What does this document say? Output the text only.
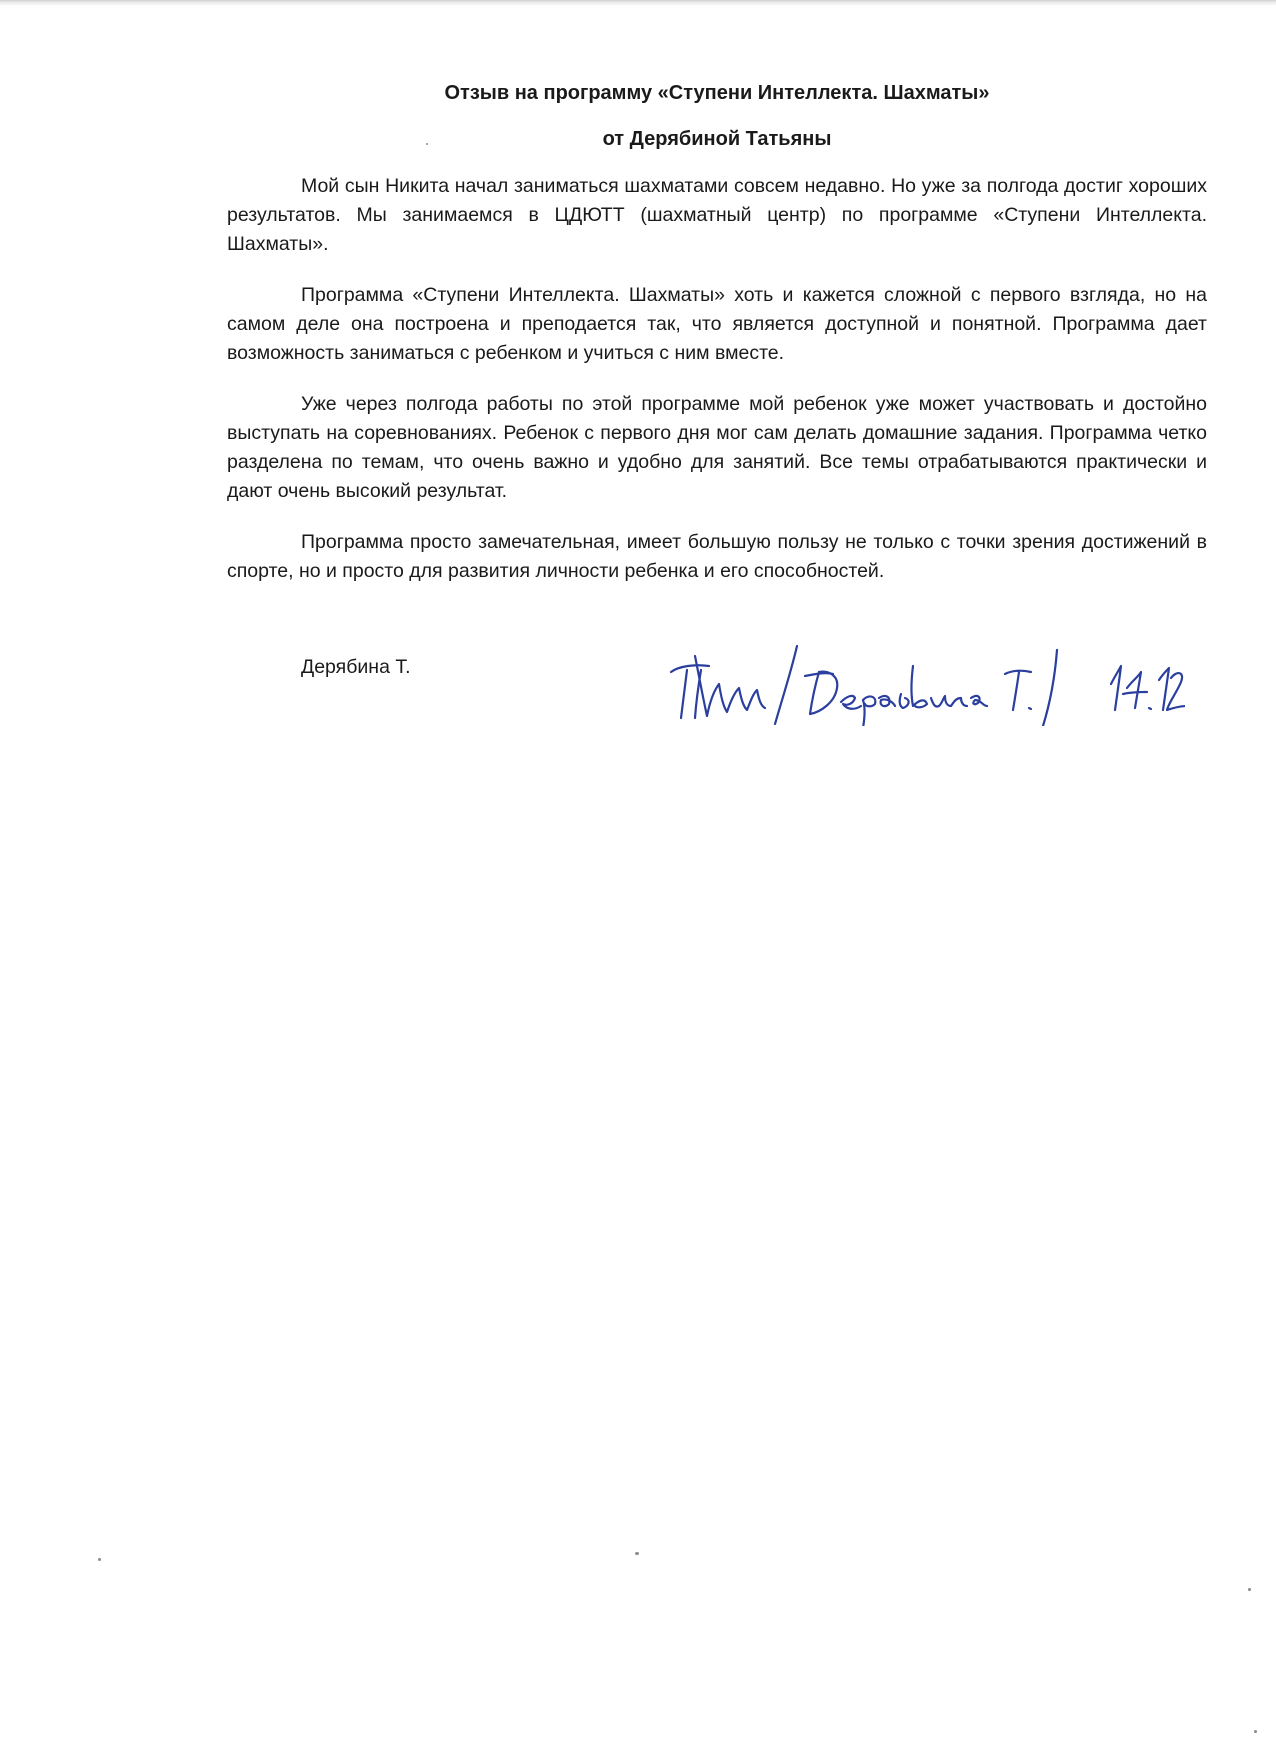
Отзыв на программу «Ступени Интеллекта. Шахматы»
от Дерябиной Татьяны

Мой сын Никита начал заниматься шахматами совсем недавно. Но уже за полгода достиг хороших результатов. Мы занимаемся в ЦДЮТТ (шахматный центр) по программе «Ступени Интеллекта. Шахматы».

Программа «Ступени Интеллекта. Шахматы» хоть и кажется сложной с первого взгляда, но на самом деле она построена и преподается так, что является доступной и понятной. Программа дает возможность заниматься с ребенком и учиться с ним вместе.

Уже через полгода работы по этой программе мой ребенок уже может участвовать и достойно выступать на соревнованиях. Ребенок с первого дня мог сам делать домашние задания. Программа четко разделена по темам, что очень важно и удобно для занятий. Все темы отрабатываются практически и дают очень высокий результат.

Программа просто замечательная, имеет большую пользу не только с точки зрения достижений в спорте, но и просто для развития личности ребенка и его способностей.

Дерябина Т.
